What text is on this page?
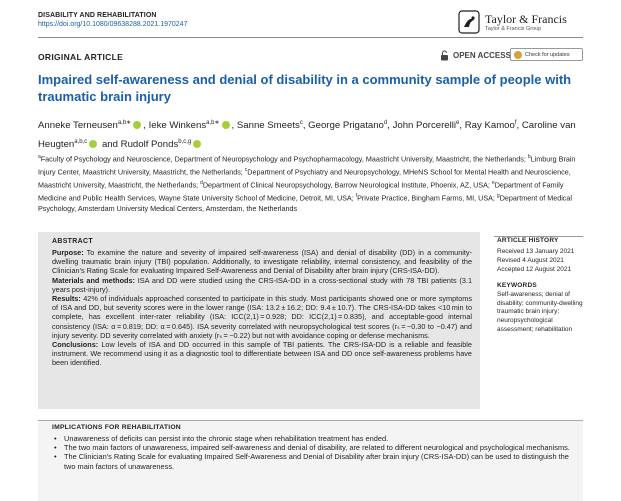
DISABILITY AND REHABILITATION
https://doi.org/10.1080/09638288.2021.1970247	Taylor & Francis
Taylor & Francis Group
ORIGINAL ARTICLE	OPEN ACCESS	Check for updates
Impaired self-awareness and denial of disability in a community sample of people with traumatic brain injury
Anneke Terneusen$^{a,b∗}$ , Ieke Winkens$^{a,b∗}$ , Sanne Smeets$^c$, George Prigatano$^d$, John Porcerelli$^e$, Ray Kamoo$^f$, Caroline van Heugten$^{a,b,c}$ and Rudolf Ponds$^{b,c,g}$
$^a$Faculty of Psychology and Neuroscience, Department of Neuropsychology and Psychopharmacology, Maastricht University, Maastricht, the Netherlands; $^b$Limburg Brain Injury Center, Maastricht University, Maastricht, the Netherlands; $^c$Department of Psychiatry and Neuropsychology, MHeNS School for Mental Health and Neuroscience, Maastricht University, Maastricht, the Netherlands; $^d$Department of Clinical Neuropsychology, Barrow Neurological Institute, Phoenix, AZ, USA; $^e$Department of Family Medicine and Public Health Services, Wayne State University School of Medicine, Detroit, MI, USA; $^f$Private Practice, Bingham Farms, MI, USA; $^g$Department of Medical Psychology, Amsterdam University Medical Centers, Amsterdam, the Netherlands
ABSTRACT
Purpose: To examine the nature and severity of impaired self-awareness (ISA) and denial of disability (DD) in a community-dwelling traumatic brain injury (TBI) population. Additionally, to investigate reliability, internal consistency, and feasibility of the Clinician's Rating Scale for evaluating Impaired Self-Awareness and Denial of Disability after brain injury (CRS-ISA-DD).
Materials and methods: ISA and DD were studied using the CRS-ISA-DD in a cross-sectional study with 78 TBI patients (3.1 years post-injury).
Results: 42% of individuals approached consented to participate in this study. Most participants showed one or more symptoms of ISA and DD, but severity scores were in the lower range (ISA: 13.2 ± 16.2; DD: 9.4 ± 10.7). The CRS-ISA-DD takes <10 min to complete, has excellent inter-rater reliability (ISA: ICC(2,1) = 0.928; DD: ICC(2,1) = 0.835), and acceptable-good internal consistency (ISA: α = 0.819; DD: α = 0.645). ISA severity correlated with neuropsychological test scores (rₛ = −0.30 to −0.47) and injury severity. DD severity correlated with anxiety (rₛ = −0.22) but not with avoidance coping or defense mechanisms.
Conclusions: Low levels of ISA and DD occurred in this sample of TBI patients. The CRS-ISA-DD is a reliable and feasible instrument. We recommend using it as a diagnostic tool to differentiate between ISA and DD once self-awareness problems have been identified.
ARTICLE HISTORY
Received 13 January 2021
Revised 4 August 2021
Accepted 12 August 2021
KEYWORDS
Self-awareness; denial of disability; community-dwelling traumatic brain injury; neuropsychological assessment; rehabilitation
IMPLICATIONS FOR REHABILITATION
• Unawareness of deficits can persist into the chronic stage when rehabilitation treatment has ended.
• The two main factors of unawareness, impaired self-awareness and denial of disability, are related to different neurological and psychological mechanisms.
• The Clinician's Rating Scale for evaluating Impaired Self-Awareness and Denial of Disability after brain injury (CRS-ISA-DD) can be used to distinguish the two main factors of unawareness.
